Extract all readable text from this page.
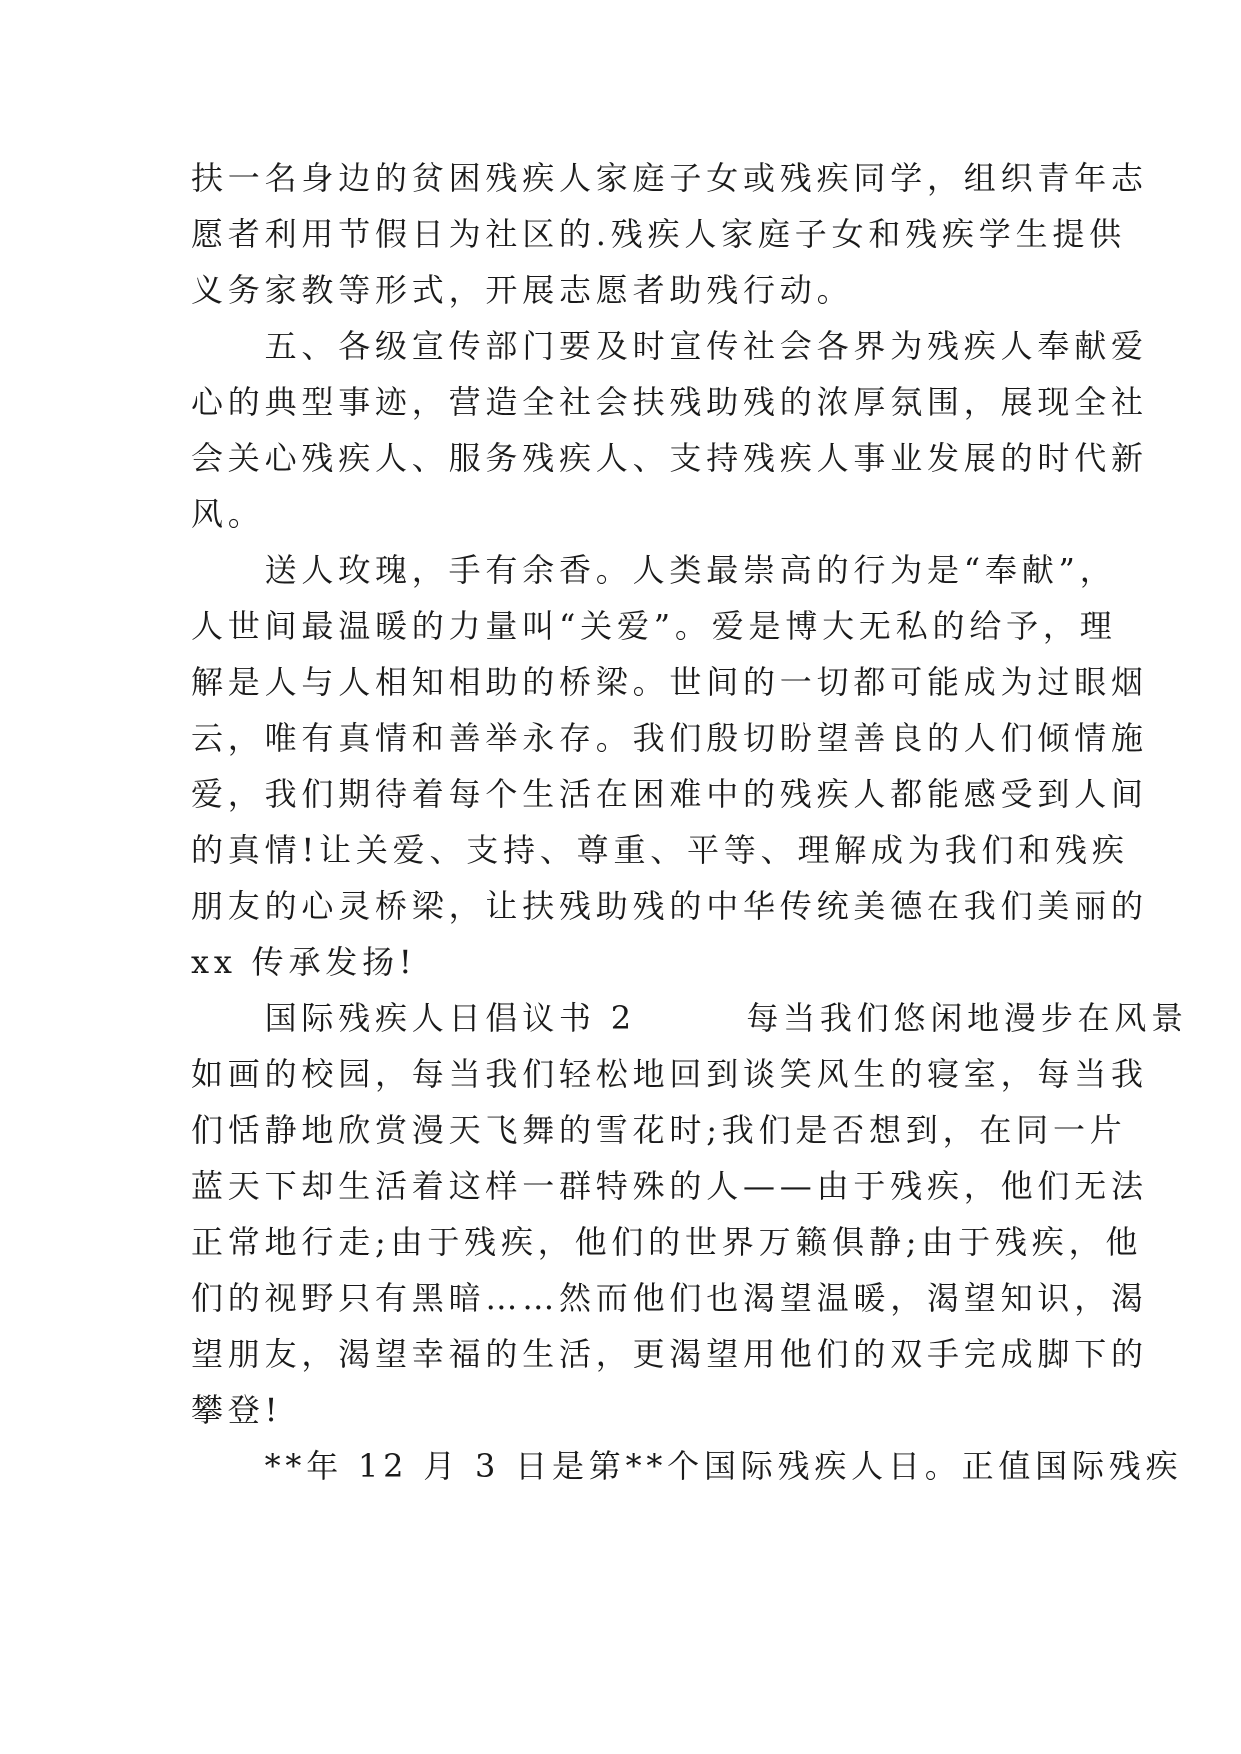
扶一名身边的贫困残疾人家庭子女或残疾同学，组织青年志
愿者利用节假日为社区的.残疾人家庭子女和残疾学生提供
义务家教等形式，开展志愿者助残行动。
　　五、各级宣传部门要及时宣传社会各界为残疾人奉献爱
心的典型事迹，营造全社会扶残助残的浓厚氛围，展现全社
会关心残疾人、服务残疾人、支持残疾人事业发展的时代新
风。
　　送人玫瑰，手有余香。人类最崇高的行为是“奉献”，
人世间最温暖的力量叫“关爱”。爱是博大无私的给予，理
解是人与人相知相助的桥梁。世间的一切都可能成为过眼烟
云，唯有真情和善举永存。我们殷切盼望善良的人们倾情施
爱，我们期待着每个生活在困难中的残疾人都能感受到人间
的真情!让关爱、支持、尊重、平等、理解成为我们和残疾
朋友的心灵桥梁，让扶残助残的中华传统美德在我们美丽的
xx 传承发扬!
　　国际残疾人日倡议书 2　　　每当我们悠闲地漫步在风景
如画的校园，每当我们轻松地回到谈笑风生的寝室，每当我
们恬静地欣赏漫天飞舞的雪花时;我们是否想到，在同一片
蓝天下却生活着这样一群特殊的人——由于残疾，他们无法
正常地行走;由于残疾，他们的世界万籁俱静;由于残疾，他
们的视野只有黑暗……然而他们也渴望温暖，渴望知识，渴
望朋友，渴望幸福的生活，更渴望用他们的双手完成脚下的
攀登!
　　**年 12 月 3 日是第**个国际残疾人日。正值国际残疾
